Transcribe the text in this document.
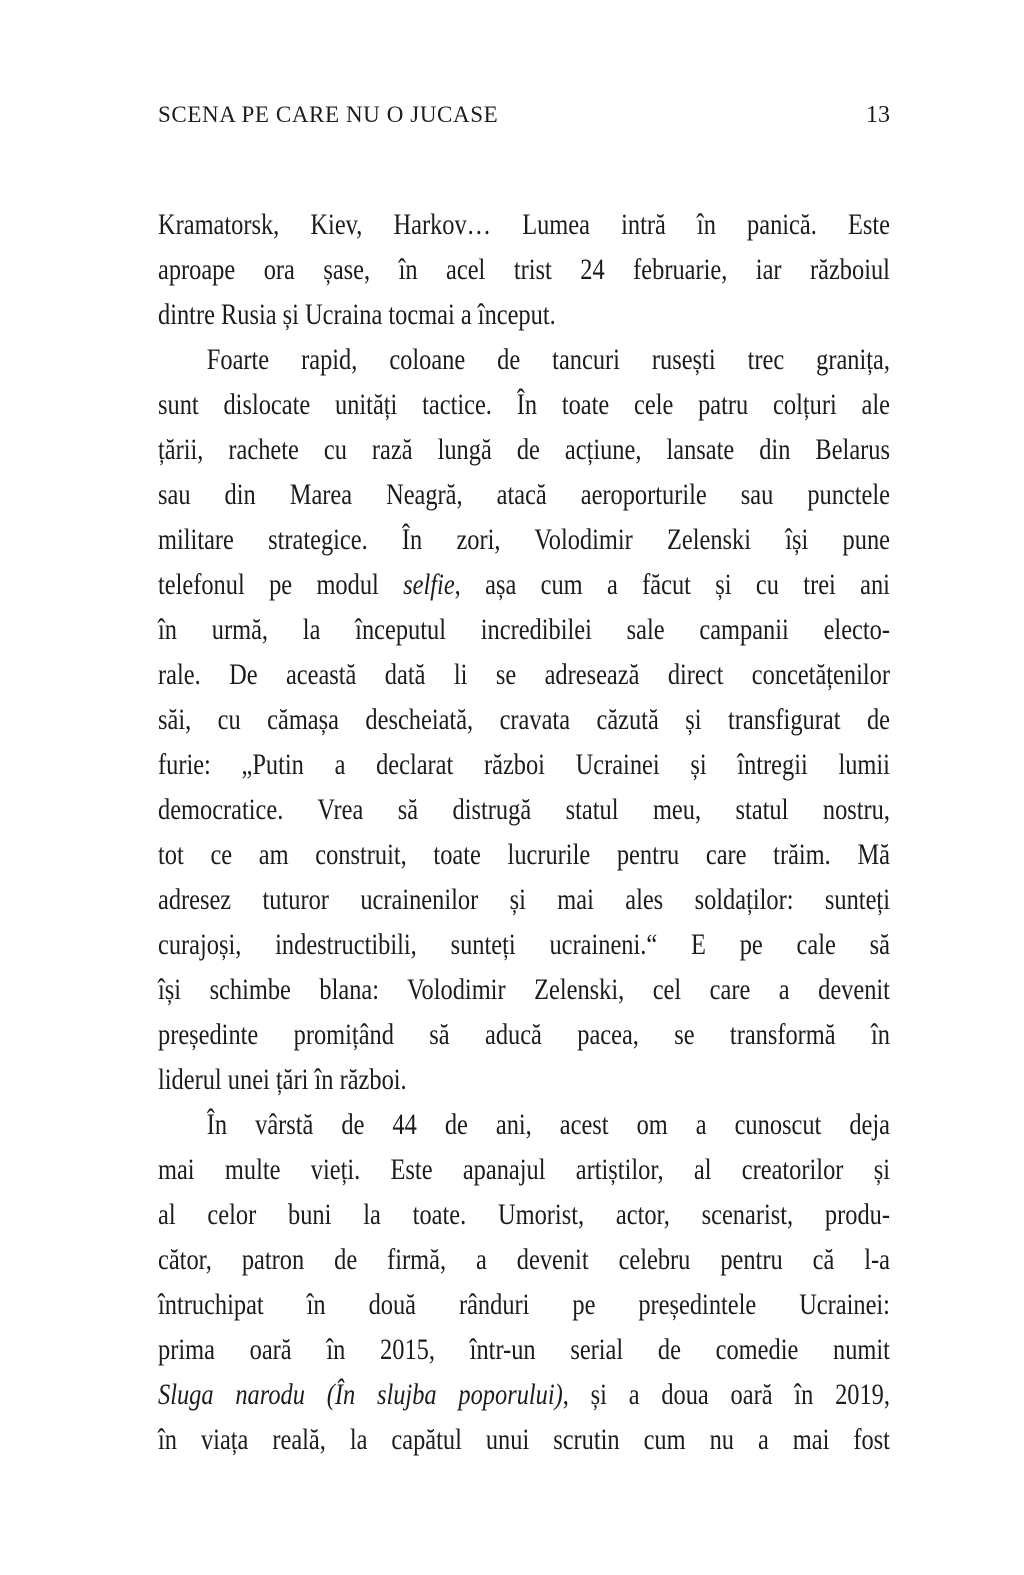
SCENA PE CARE NU O JUCASE	13
Kramatorsk, Kiev, Harkov… Lumea intră în panică. Este
aproape ora șase, în acel trist 24 februarie, iar războiul
dintre Rusia și Ucraina tocmai a început.
Foarte rapid, coloane de tancuri rusești trec granița,
sunt dislocate unități tactice. În toate cele patru colțuri ale
țării, rachete cu rază lungă de acțiune, lansate din Belarus
sau din Marea Neagră, atacă aeroporturile sau punctele
militare strategice. În zori, Volodimir Zelenski își pune
telefonul pe modul selfie, așa cum a făcut și cu trei ani
în urmă, la începutul incredibilei sale campanii electo-
rale. De această dată li se adresează direct concetățenilor
săi, cu cămașa descheiată, cravata căzută și transfigurat de
furie: „Putin a declarat război Ucrainei și întregii lumii
democratice. Vrea să distrugă statul meu, statul nostru,
tot ce am construit, toate lucrurile pentru care trăim. Mă
adresez tuturor ucrainenilor și mai ales soldaților: sunteți
curajoși, indestructibili, sunteți ucraineni.“ E pe cale să
își schimbe blana: Volodimir Zelenski, cel care a devenit
președinte promițând să aducă pacea, se transformă în
liderul unei țări în război.
În vârstă de 44 de ani, acest om a cunoscut deja
mai multe vieți. Este apanajul artiștilor, al creatorilor și
al celor buni la toate. Umorist, actor, scenarist, produ-
cător, patron de firmă, a devenit celebru pentru că l-a
întruchipat în două rânduri pe președintele Ucrainei:
prima oară în 2015, într-un serial de comedie numit
Sluga narodu (În slujba poporului), și a doua oară în 2019,
în viața reală, la capătul unui scrutin cum nu a mai fost
